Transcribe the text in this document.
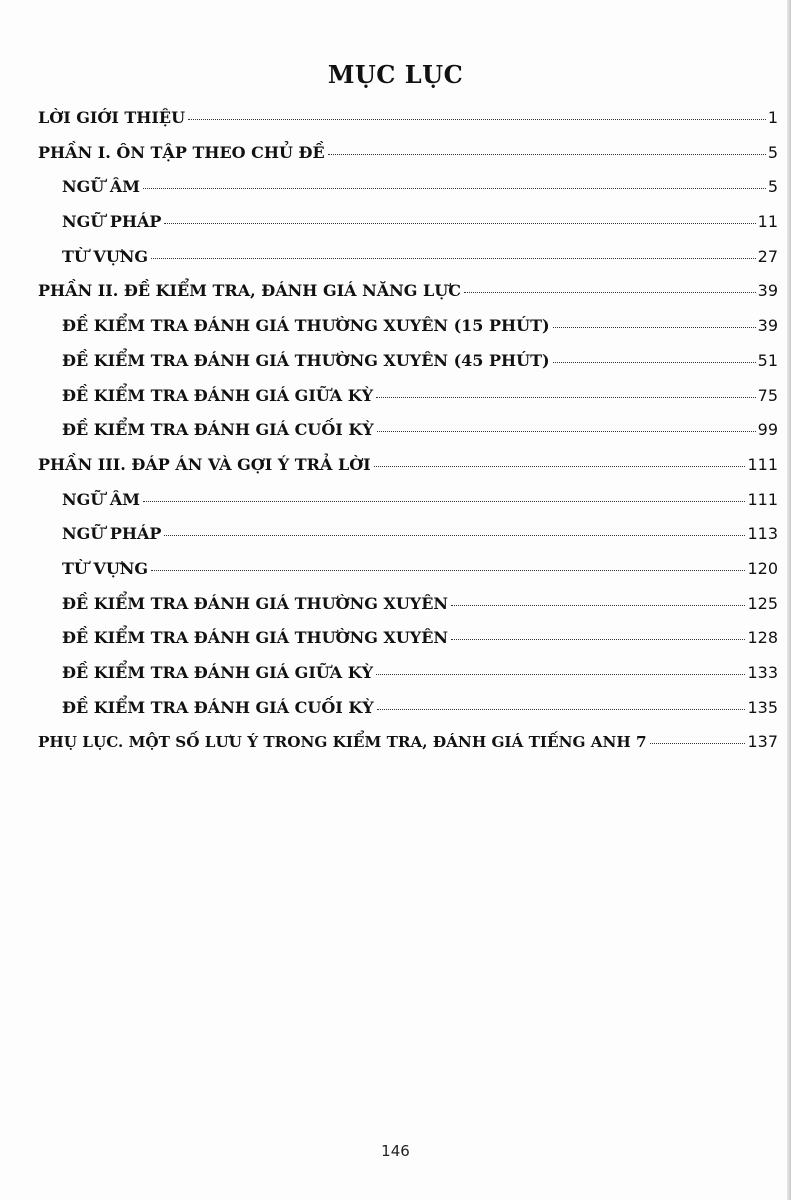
MỤC LỤC
LỜI GIỚI THIỆU	1
PHẦN I. ÔN TẬP THEO CHỦ ĐỀ	5
NGỮ ÂM	5
NGỮ PHÁP	11
TỪ VỰNG	27
PHẦN II. ĐỀ KIỂM TRA, ĐÁNH GIÁ NĂNG LỰC	39
ĐỀ KIỂM TRA ĐÁNH GIÁ THƯỜNG XUYÊN (15 PHÚT)	39
ĐỀ KIỂM TRA ĐÁNH GIÁ THƯỜNG XUYÊN (45 PHÚT)	51
ĐỀ KIỂM TRA ĐÁNH GIÁ GIỮA KỲ	75
ĐỀ KIỂM TRA ĐÁNH GIÁ CUỐI KỲ	99
PHẦN III. ĐÁP ÁN VÀ GỢI Ý TRẢ LỜI	111
NGỮ ÂM	111
NGỮ PHÁP	113
TỪ VỰNG	120
ĐỀ KIỂM TRA ĐÁNH GIÁ THƯỜNG XUYÊN	125
ĐỀ KIỂM TRA ĐÁNH GIÁ THƯỜNG XUYÊN	128
ĐỀ KIỂM TRA ĐÁNH GIÁ GIỮA KỲ	133
ĐỀ KIỂM TRA ĐÁNH GIÁ CUỐI KỲ	135
PHỤ LỤC. MỘT SỐ LƯU Ý TRONG KIỂM TRA, ĐÁNH GIÁ TIẾNG ANH 7	137
146
